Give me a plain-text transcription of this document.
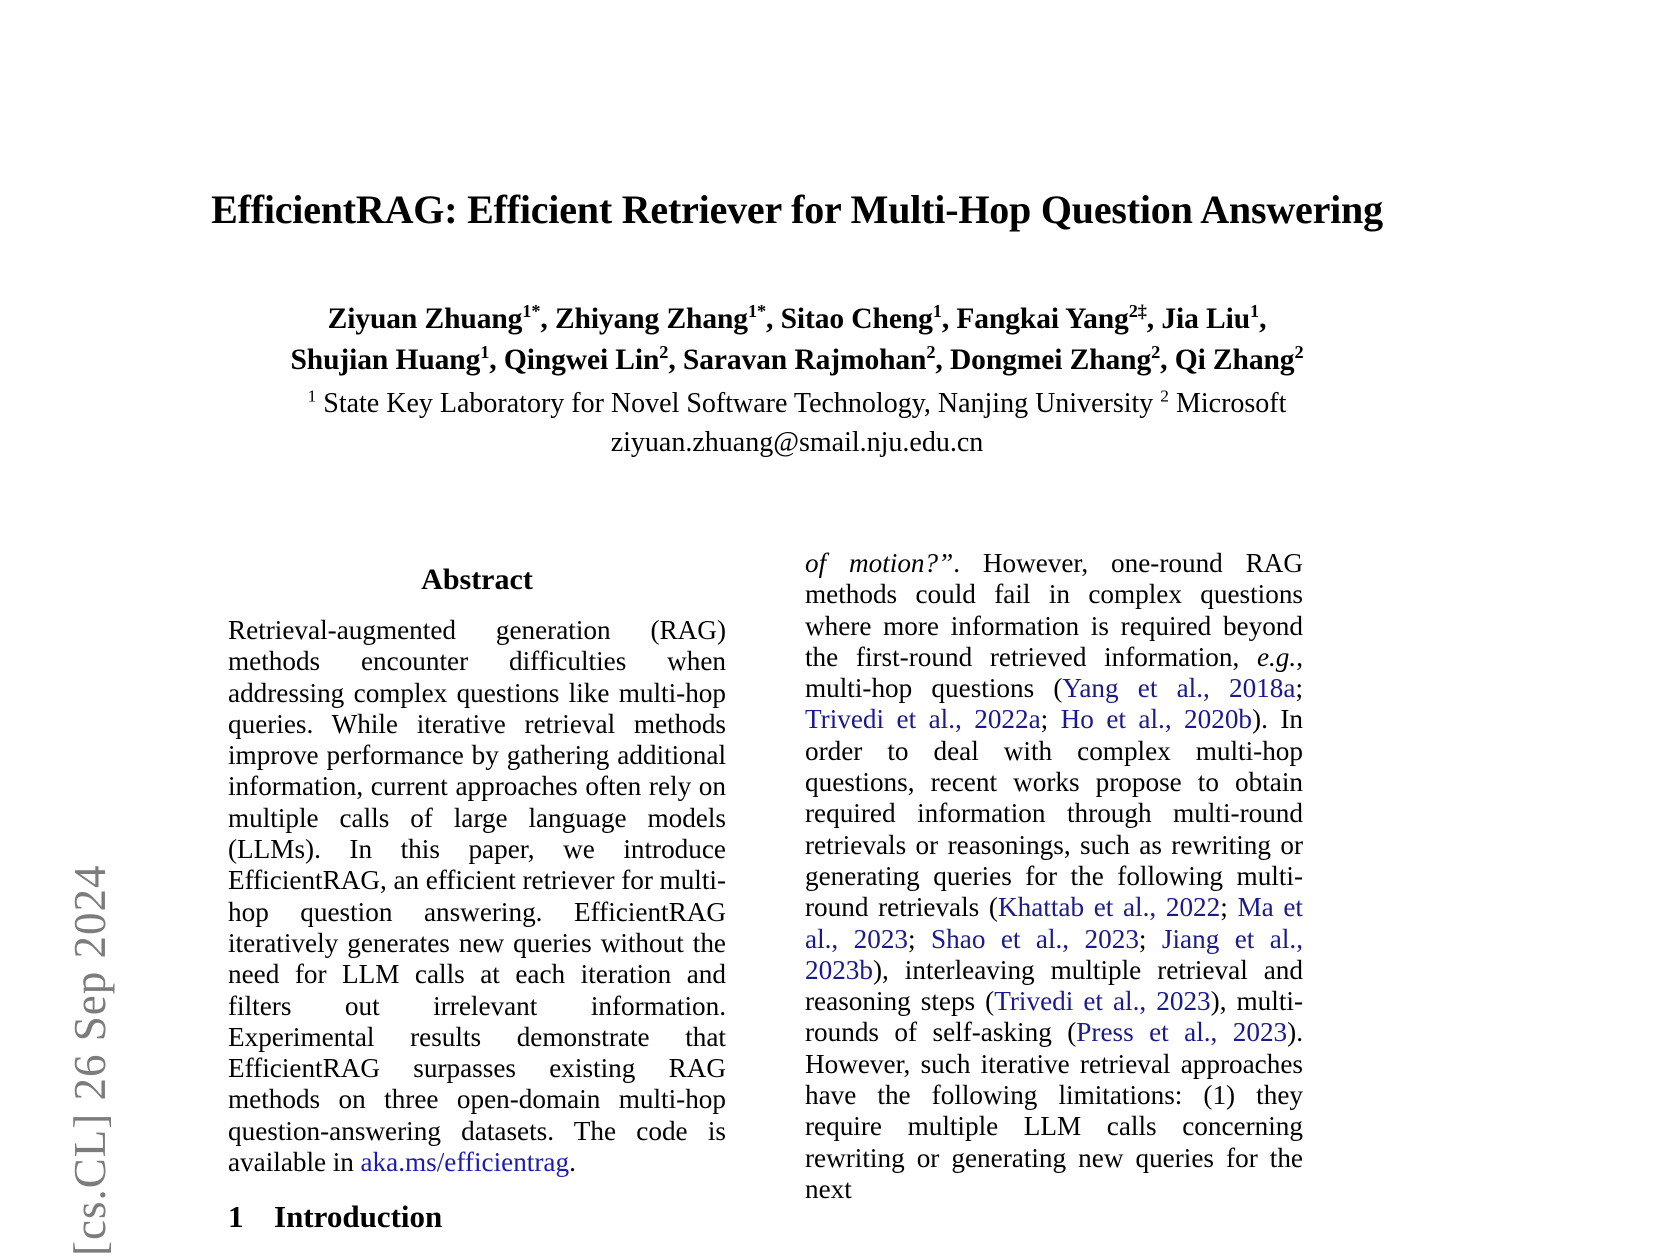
[cs.CL] 26 Sep 2024
EfficientRAG: Efficient Retriever for Multi-Hop Question Answering

Ziyuan Zhuang$^{1*}$, Zhiyang Zhang$^{1*}$, Sitao Cheng$^1$, Fangkai Yang$^{2\ddagger}$, Jia Liu$^1$,

Shujian Huang$^1$, Qingwei Lin$^2$, Saravan Rajmohan$^2$, Dongmei Zhang$^2$, Qi Zhang$^2$

$^1$ State Key Laboratory for Novel Software Technology, Nanjing University $^2$ Microsoft

ziyuan.zhuang@smail.nju.edu.cn

Abstract

Retrieval-augmented generation (RAG) methods encounter difficulties when addressing complex questions like multi-hop queries. While iterative retrieval methods improve performance by gathering additional information, current approaches often rely on multiple calls of large language models (LLMs). In this paper, we introduce EfficientRAG, an efficient retriever for multi-hop question answering. EfficientRAG iteratively generates new queries without the need for LLM calls at each iteration and filters out irrelevant information. Experimental results demonstrate that EfficientRAG surpasses existing RAG methods on three open-domain multi-hop question-answering datasets. The code is available in aka.ms/efficientrag.

1 Introduction

of motion?”. However, one-round RAG methods could fail in complex questions where more information is required beyond the first-round retrieved information, e.g., multi-hop questions (Yang et al., 2018a; Trivedi et al., 2022a; Ho et al., 2020b). In order to deal with complex multi-hop questions, recent works propose to obtain required information through multi-round retrievals or reasonings, such as rewriting or generating queries for the following multi-round retrievals (Khattab et al., 2022; Ma et al., 2023; Shao et al., 2023; Jiang et al., 2023b), interleaving multiple retrieval and reasoning steps (Trivedi et al., 2023), multi-rounds of self-asking (Press et al., 2023). However, such iterative retrieval approaches have the following limitations: (1) they require multiple LLM calls concerning rewriting or generating new queries for the next
